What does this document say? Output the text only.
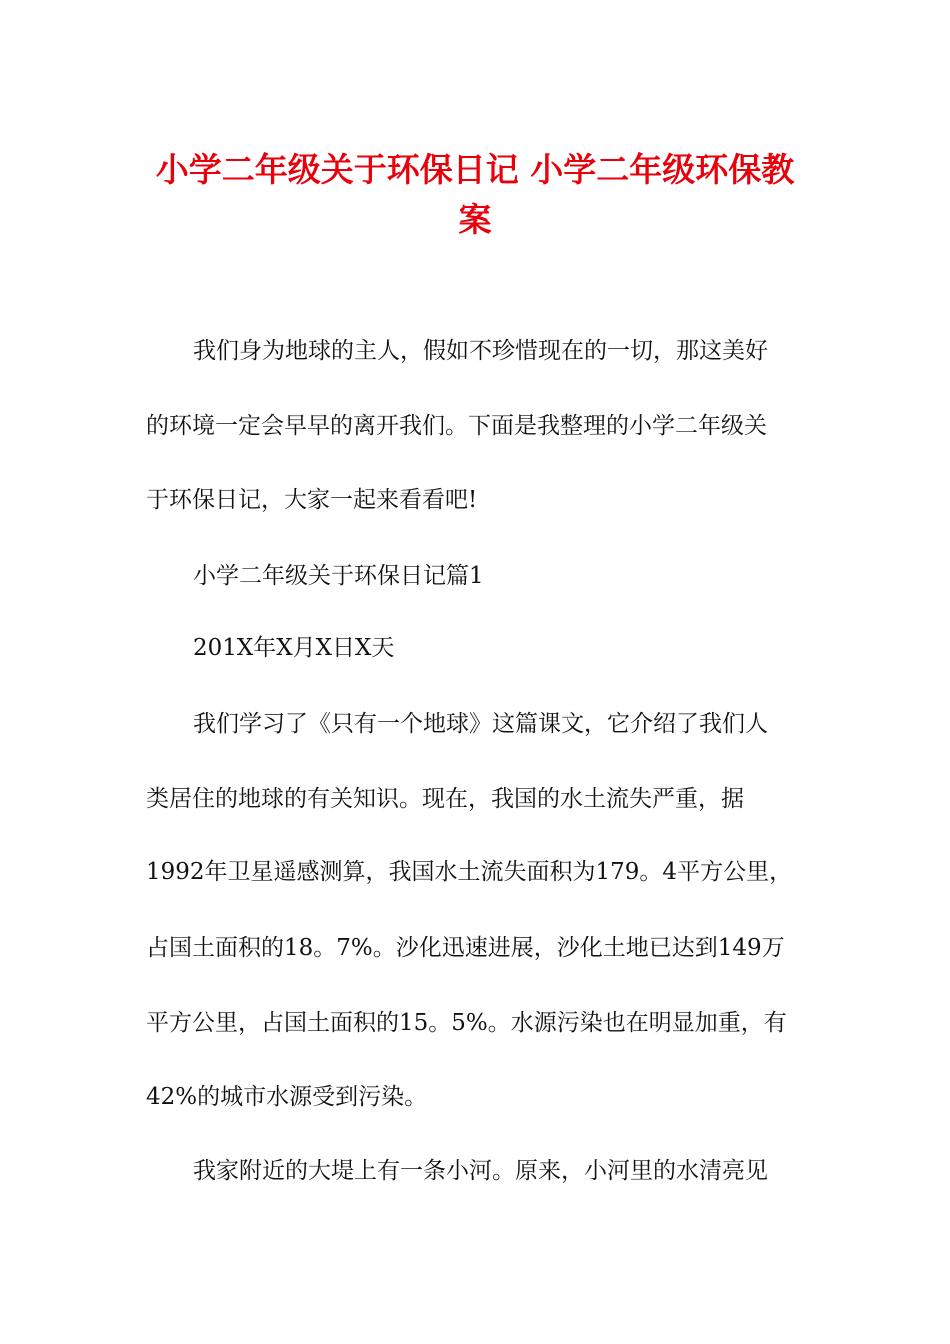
小学二年级关于环保日记 小学二年级环保教
案
我们身为地球的主人，假如不珍惜现在的一切，那这美好
的环境一定会早早的离开我们。下面是我整理的小学二年级关
于环保日记，大家一起来看看吧!
小学二年级关于环保日记篇1
201X年X月X日X天
我们学习了《只有一个地球》这篇课文，它介绍了我们人
类居住的地球的有关知识。现在，我国的水土流失严重，据
1992年卫星遥感测算，我国水土流失面积为179。4平方公里，
占国土面积的18。7%。沙化迅速进展，沙化土地已达到149万
平方公里，占国土面积的15。5%。水源污染也在明显加重，有
42%的城市水源受到污染。
我家附近的大堤上有一条小河。原来，小河里的水清亮见
